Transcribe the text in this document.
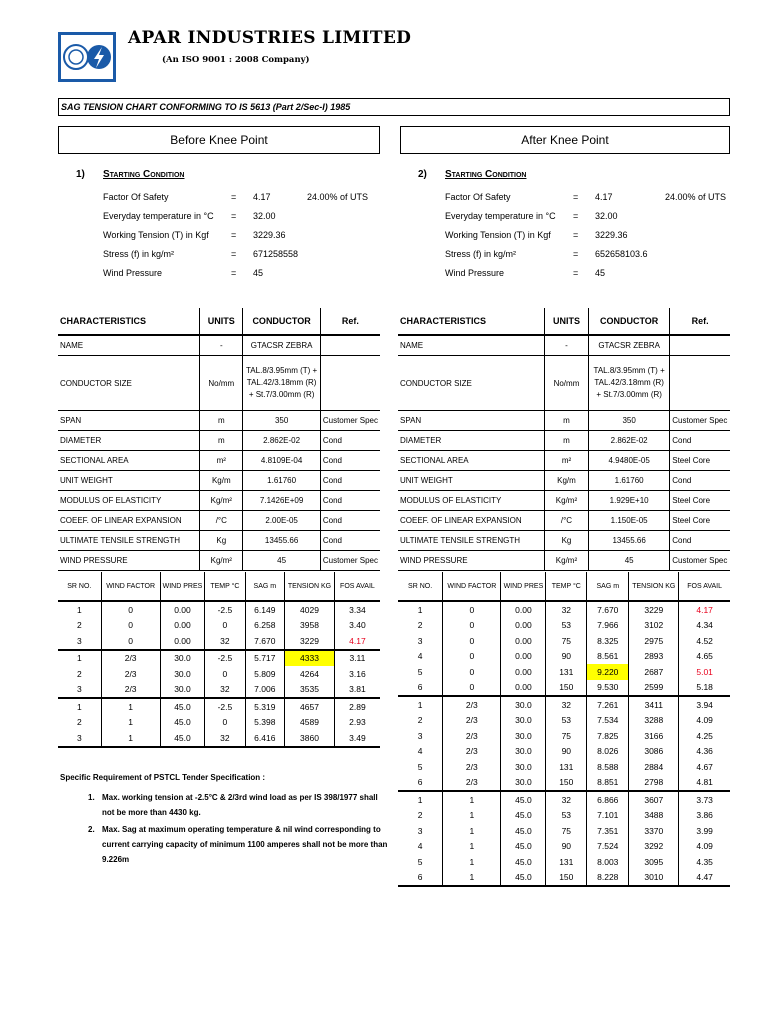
APAR INDUSTRIES LIMITED
(An ISO 9001 : 2008 Company)
SAG TENSION CHART CONFORMING TO IS 5613 (Part 2/Sec-I) 1985
Before Knee Point	After Knee Point
1) Starting Condition
Factor Of Safety	= 4.17	24.00% of UTS
Everyday temperature in °C = 32.00
Working Tension (T) in Kgf = 3229.36
Stress (f) in kg/m²	= 671258558
Wind Pressure	= 45
2) Starting Condition
Factor Of Safety	= 4.17	24.00% of UTS
Everyday temperature in °C = 32.00
Working Tension (T) in Kgf = 3229.36
Stress (f) in kg/m²	= 652658103.6
Wind Pressure	= 45
CHARACTERISTICS	UNITS	CONDUCTOR	Ref.
NAME	-	GTACSR ZEBRA	
CONDUCTOR SIZE	No/mm	TAL.8/3.95mm (T) + TAL.42/3.18mm (R) + St.7/3.00mm (R)	
SPAN	m	350	Customer Spec
DIAMETER	m	2.862E-02	Cond
SECTIONAL AREA	m²	4.8109E-04	Cond
UNIT WEIGHT	Kg/m	1.61760	Cond
MODULUS OF ELASTICITY	Kg/m²	7.1426E+09	Cond
COEEF. OF LINEAR EXPANSION	/°C	2.00E-05	Cond
ULTIMATE TENSILE STRENGTH	Kg	13455.66	Cond
WIND PRESSURE	Kg/m²	45	Customer Spec
CHARACTERISTICS	UNITS	CONDUCTOR	Ref.
NAME	-	GTACSR ZEBRA	
CONDUCTOR SIZE	No/mm	TAL.8/3.95mm (T) + TAL.42/3.18mm (R) + St.7/3.00mm (R)	
SPAN	m	350	Customer Spec
DIAMETER	m	2.862E-02	Cond
SECTIONAL AREA	m²	4.9480E-05	Steel Core
UNIT WEIGHT	Kg/m	1.61760	Cond
MODULUS OF ELASTICITY	Kg/m²	1.929E+10	Steel Core
COEEF. OF LINEAR EXPANSION	/°C	1.150E-05	Steel Core
ULTIMATE TENSILE STRENGTH	Kg	13455.66	Cond
WIND PRESSURE	Kg/m²	45	Customer Spec
SR NO.	WIND FACTOR	WIND PRES	TEMP °C	SAG m	TENSION KG	FOS AVAIL
1	0	0.00	-2.5	6.149	4029	3.34
2	0	0.00	0	6.258	3958	3.40
3	0	0.00	32	7.670	3229	4.17
1	2/3	30.0	-2.5	5.717	4333	3.11
2	2/3	30.0	0	5.809	4264	3.16
3	2/3	30.0	32	7.006	3535	3.81
1	1	45.0	-2.5	5.319	4657	2.89
2	1	45.0	0	5.398	4589	2.93
3	1	45.0	32	6.416	3860	3.49
SR NO.	WIND FACTOR	WIND PRES	TEMP °C	SAG m	TENSION KG	FOS AVAIL
1	0	0.00	32	7.670	3229	4.17
2	0	0.00	53	7.966	3102	4.34
3	0	0.00	75	8.325	2975	4.52
4	0	0.00	90	8.561	2893	4.65
5	0	0.00	131	9.220	2687	5.01
6	0	0.00	150	9.530	2599	5.18
1	2/3	30.0	32	7.261	3411	3.94
2	2/3	30.0	53	7.534	3288	4.09
3	2/3	30.0	75	7.825	3166	4.25
4	2/3	30.0	90	8.026	3086	4.36
5	2/3	30.0	131	8.588	2884	4.67
6	2/3	30.0	150	8.851	2798	4.81
1	1	45.0	32	6.866	3607	3.73
2	1	45.0	53	7.101	3488	3.86
3	1	45.0	75	7.351	3370	3.99
4	1	45.0	90	7.524	3292	4.09
5	1	45.0	131	8.003	3095	4.35
6	1	45.0	150	8.228	3010	4.47
Specific Requirement of PSTCL Tender Specification :
1. Max. working tension at -2.5°C & 2/3rd wind load as per IS 398/1977 shall not be more than 4430 kg.
2. Max. Sag at maximum operating temperature & nil wind corresponding to current carrying capacity of minimum 1100 amperes shall not be more than 9.226m
